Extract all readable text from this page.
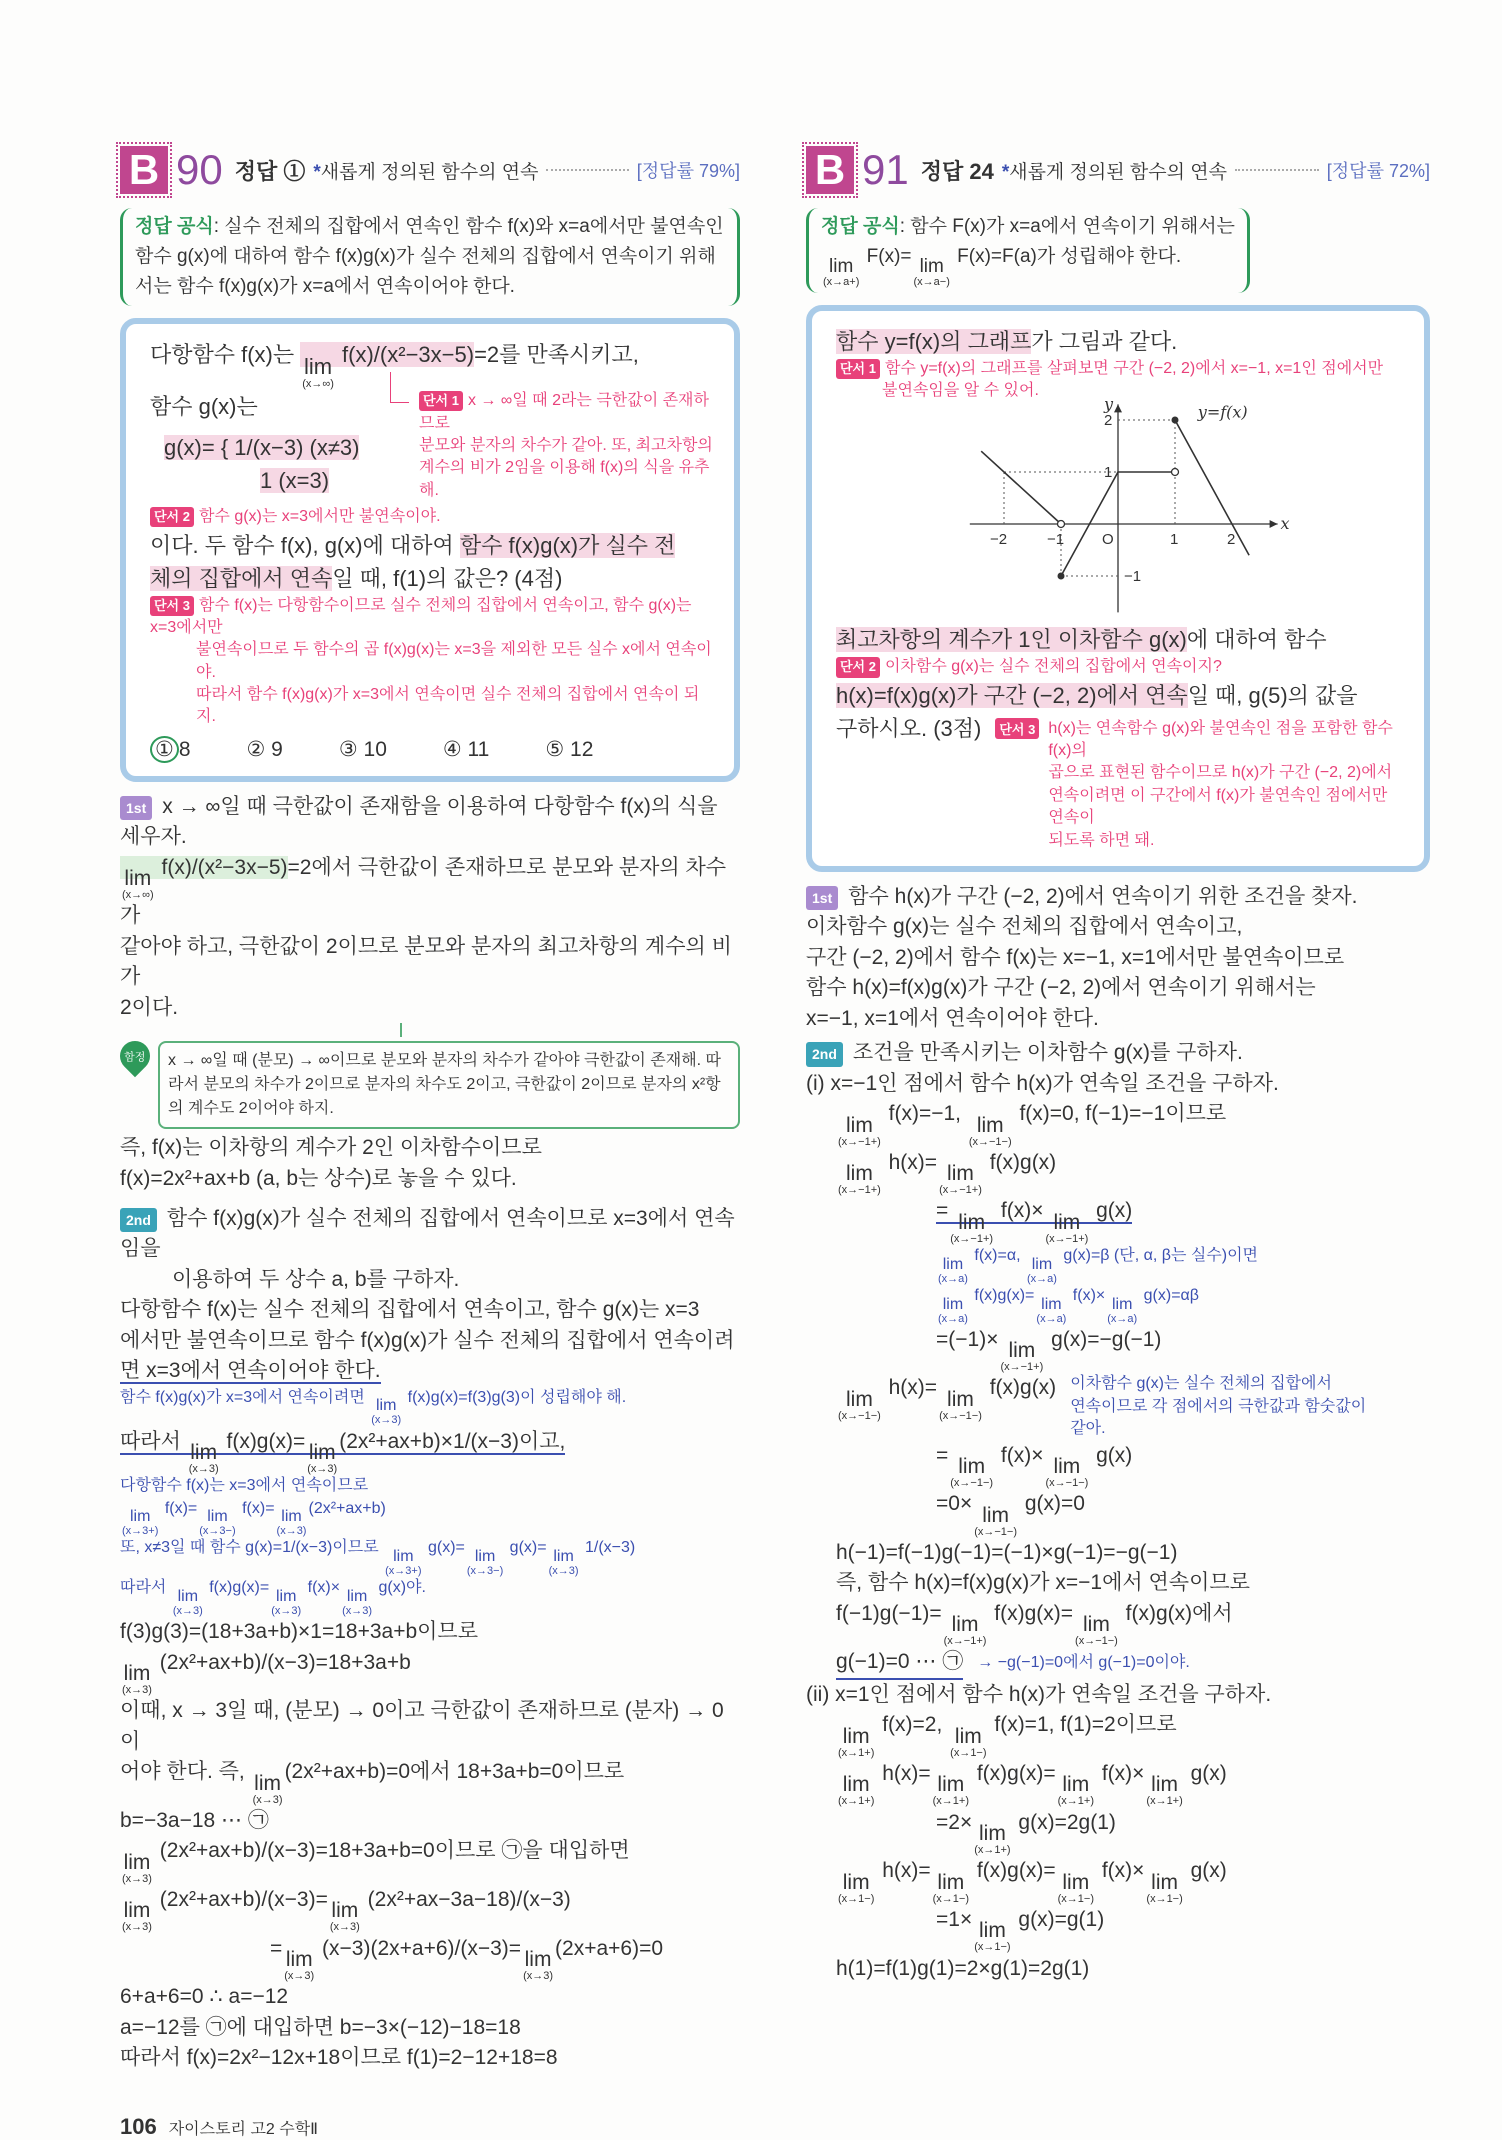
B 90 정답 ① *새롭게 정의된 함수의 연속	[정답률 79%]
정답 공식: 실수 전체의 집합에서 연속인 함수 f(x)와 x=a에서만 불연속인 함수 g(x)에 대하여 함수 f(x)g(x)가 실수 전체의 집합에서 연속이기 위해서는 함수 f(x)g(x)가 x=a에서 연속이어야 한다.
다항함수 f(x)는 lim
(x→∞)
f(x)/(x²−3x−5)=2를 만족시키고,
함수 g(x)는
g(x)= { 1/(x−3) (x≠3)
1 (x=3)
단서 1 x → ∞일 때 2라는 극한값이 존재하므로
분모와 분자의 차수가 같아. 또, 최고차항의
계수의 비가 2임을 이용해 f(x)의 식을 유추해.
단서 2 함수 g(x)는 x=3에서만 불연속이야.
이다. 두 함수 f(x), g(x)에 대하여 함수 f(x)g(x)가 실수 전
체의 집합에서 연속일 때, f(1)의 값은? (4점)
단서 3 함수 f(x)는 다항함수이므로 실수 전체의 집합에서 연속이고, 함수 g(x)는 x=3에서만
불연속이므로 두 함수의 곱 f(x)g(x)는 x=3을 제외한 모든 실수 x에서 연속이야.
따라서 함수 f(x)g(x)가 x=3에서 연속이면 실수 전체의 집합에서 연속이 되지.
① 8	② 9	③ 10	④ 11	⑤ 12
1st x → ∞일 때 극한값이 존재함을 이용하여 다항함수 f(x)의 식을 세우자.
lim
(x→∞)
f(x)/(x²−3x−5)=2에서 극한값이 존재하므로 분모와 분자의 차수가
같아야 하고, 극한값이 2이므로 분모와 분자의 최고차항의 계수의 비가
2이다.
함정	x → ∞일 때 (분모) → ∞이므로 분모와 분자의 차수가 같아야 극한값이 존재해. 따라서 분모의 차수가 2이므로 분자의 차수도 2이고, 극한값이 2이므로 분자의 x²항의 계수도 2이어야 하지.
즉, f(x)는 이차항의 계수가 2인 이차함수이므로
f(x)=2x²+ax+b (a, b는 상수)로 놓을 수 있다.
2nd 함수 f(x)g(x)가 실수 전체의 집합에서 연속이므로 x=3에서 연속임을
이용하여 두 상수 a, b를 구하자.
다항함수 f(x)는 실수 전체의 집합에서 연속이고, 함수 g(x)는 x=3
에서만 불연속이므로 함수 f(x)g(x)가 실수 전체의 집합에서 연속이려
면 x=3에서 연속이어야 한다.
함수 f(x)g(x)가 x=3에서 연속이려면
lim
(x→3)
f(x)g(x)=f(3)g(3)이 성립해야 해.
따라서
lim
(x→3)
f(x)g(x)=
lim
(x→3)
(2x²+ax+b)×1/(x−3)이고,
다항함수 f(x)는 x=3에서 연속이므로
lim
(x→3+)
f(x)=
lim
(x→3−)
f(x)=
lim
(x→3)
(2x²+ax+b)
또, x≠3일 때 함수 g(x)=1/(x−3)이므로
lim
(x→3+)
g(x)=
lim
(x→3−)
g(x)=
lim
(x→3)
1/(x−3)
따라서
lim
(x→3)
f(x)g(x)=
lim
(x→3)
f(x)×
lim
(x→3)
g(x)야.
f(3)g(3)=(18+3a+b)×1=18+3a+b이므로
lim
(x→3)
(2x²+ax+b)/(x−3)=18+3a+b
이때, x → 3일 때, (분모) → 0이고 극한값이 존재하므로 (분자) → 0이
어야 한다. 즉,
lim
(x→3)
(2x²+ax+b)=0에서 18+3a+b=0이므로
b=−3a−18 ⋯ ㉠
lim
(x→3)
(2x²+ax+b)/(x−3)=18+3a+b=0이므로 ㉠을 대입하면
lim
(x→3)
(2x²+ax+b)/(x−3)=
lim
(x→3)
(2x²+ax−3a−18)/(x−3)
=
lim
(x→3)
(x−3)(2x+a+6)/(x−3)=
lim
(x→3)
(2x+a+6)=0
6+a+6=0 ∴ a=−12
a=−12를 ㉠에 대입하면 b=−3×(−12)−18=18
따라서 f(x)=2x²−12x+18이므로 f(1)=2−12+18=8
106 자이스토리 고2 수학Ⅱ
B 91 정답 24 *새롭게 정의된 함수의 연속	[정답률 72%]
정답 공식: 함수 F(x)가 x=a에서 연속이기 위해서는
lim
(x→a+)
F(x)= lim
(x→a−)
F(x)=F(a)가 성립해야 한다.
함수 y=f(x)의 그래프가 그림과 같다.
단서 1 함수 y=f(x)의 그래프를 살펴보면 구간 (−2, 2)에서 x=−1, x=1인 점에서만
불연속임을 알 수 있어.
x
y
O
−2	−1	1	2
2
1
−1
y=f(x)
최고차항의 계수가 1인 이차함수 g(x)에 대하여 함수
단서 2 이차함수 g(x)는 실수 전체의 집합에서 연속이지?
h(x)=f(x)g(x)가 구간 (−2, 2)에서 연속일 때, g(5)의 값을
구하시오. (3점)	단서 3 h(x)는 연속함수 g(x)와 불연속인 점을 포함한 함수 f(x)의
곱으로 표현된 함수이므로 h(x)가 구간 (−2, 2)에서
연속이려면 이 구간에서 f(x)가 불연속인 점에서만 연속이
되도록 하면 돼.
1st 함수 h(x)가 구간 (−2, 2)에서 연속이기 위한 조건을 찾자.
이차함수 g(x)는 실수 전체의 집합에서 연속이고,
구간 (−2, 2)에서 함수 f(x)는 x=−1, x=1에서만 불연속이므로
함수 h(x)=f(x)g(x)가 구간 (−2, 2)에서 연속이기 위해서는
x=−1, x=1에서 연속이어야 한다.
2nd 조건을 만족시키는 이차함수 g(x)를 구하자.
(i) x=−1인 점에서 함수 h(x)가 연속일 조건을 구하자.
lim
(x→−1+)
f(x)=−1,
lim
(x→−1−)
f(x)=0, f(−1)=−1이므로
lim
(x→−1+)
h(x)=
lim
(x→−1+)
f(x)g(x)
=
lim
(x→−1+)
f(x)×
lim
(x→−1+)
g(x)
lim
(x→a)
f(x)=α,
lim
(x→a)
g(x)=β (단, α, β는 실수)이면
lim
(x→a)
f(x)g(x)=
lim
(x→a)
f(x)×
lim
(x→a)
g(x)=αβ
=(−1)×
lim
(x→−1+)
g(x)=−g(−1)
lim
(x→−1−)
h(x)=
lim
(x→−1−)
f(x)g(x) 이차함수 g(x)는 실수 전체의 집합에서
연속이므로 각 점에서의 극한값과 함숫값이
같아.
=
lim
(x→−1−)
f(x)×
lim
(x→−1−)
g(x)
=0×
lim
(x→−1−)
g(x)=0
h(−1)=f(−1)g(−1)=(−1)×g(−1)=−g(−1)
즉, 함수 h(x)=f(x)g(x)가 x=−1에서 연속이므로
f(−1)g(−1)=
lim
(x→−1+)
f(x)g(x)=
lim
(x→−1−)
f(x)g(x)에서
g(−1)=0 ⋯ ㉠ → −g(−1)=0에서 g(−1)=0이야.
(ii) x=1인 점에서 함수 h(x)가 연속일 조건을 구하자.
lim
(x→1+)
f(x)=2,
lim
(x→1−)
f(x)=1, f(1)=2이므로
lim
(x→1+)
h(x)=
lim
(x→1+)
f(x)g(x)=
lim
(x→1+)
f(x)×
lim
(x→1+)
g(x)
=2×
lim
(x→1+)
g(x)=2g(1)
lim
(x→1−)
h(x)=
lim
(x→1−)
f(x)g(x)=
lim
(x→1−)
f(x)×
lim
(x→1−)
g(x)
=1×
lim
(x→1−)
g(x)=g(1)
h(1)=f(1)g(1)=2×g(1)=2g(1)
